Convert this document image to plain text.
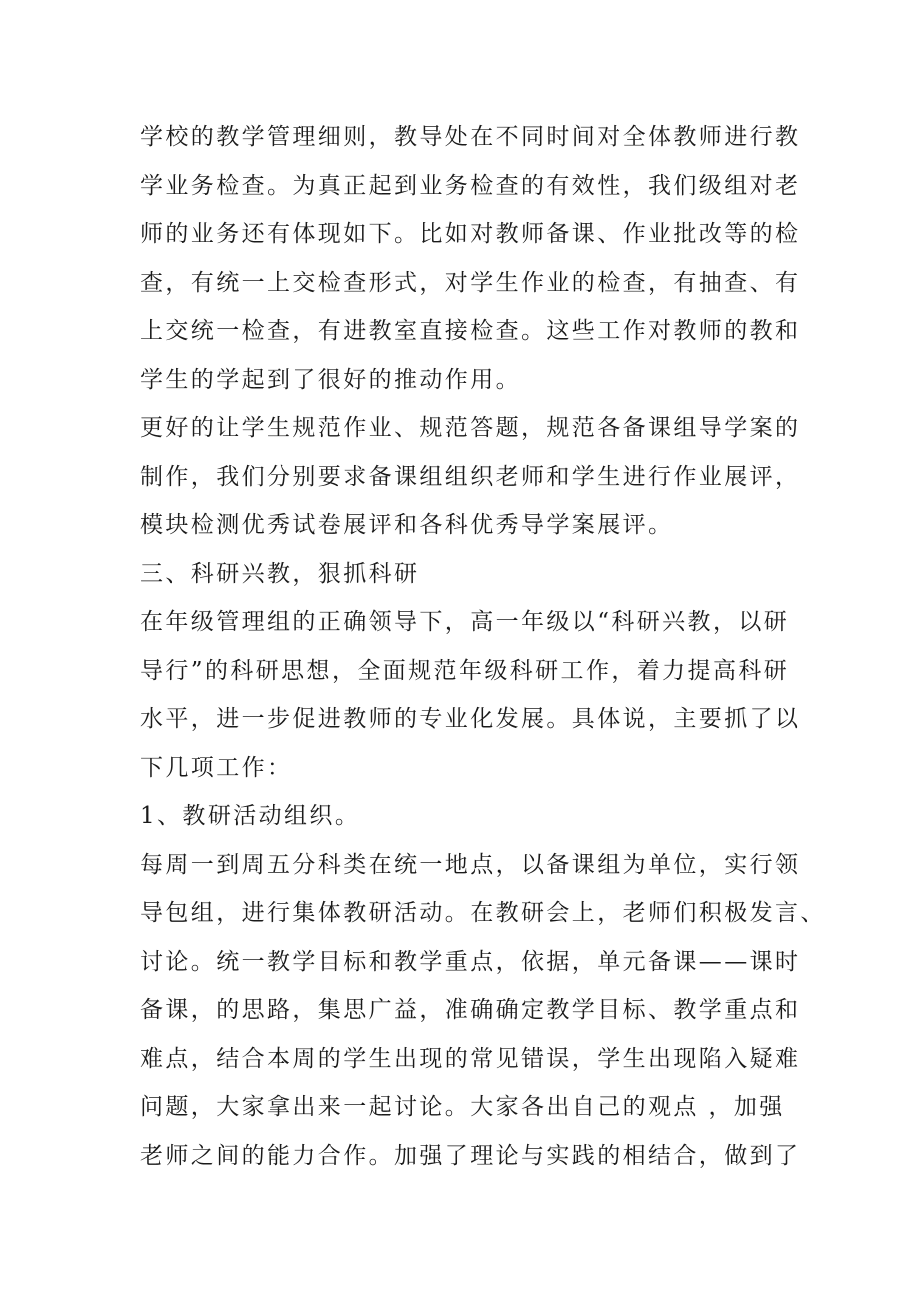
学校的教学管理细则，教导处在不同时间对全体教师进行教
学业务检查。为真正起到业务检查的有效性，我们级组对老
师的业务还有体现如下。比如对教师备课、作业批改等的检
查，有统一上交检查形式，对学生作业的检查，有抽查、有
上交统一检查，有进教室直接检查。这些工作对教师的教和
学生的学起到了很好的推动作用。
更好的让学生规范作业、规范答题，规范各备课组导学案的
制作，我们分别要求备课组组织老师和学生进行作业展评，
模块检测优秀试卷展评和各科优秀导学案展评。
三、科研兴教，狠抓科研
在年级管理组的正确领导下，高一年级以“科研兴教，以研
导行”的科研思想，全面规范年级科研工作，着力提高科研
水平，进一步促进教师的专业化发展。具体说，主要抓了以
下几项工作：
1、教研活动组织。
每周一到周五分科类在统一地点，以备课组为单位，实行领
导包组，进行集体教研活动。在教研会上，老师们积极发言、
讨论。统一教学目标和教学重点，依据，单元备课——课时
备课，的思路，集思广益，准确确定教学目标、教学重点和
难点，结合本周的学生出现的常见错误，学生出现陷入疑难
问题，大家拿出来一起讨论。大家各出自己的观点 ，加强
老师之间的能力合作。加强了理论与实践的相结合，做到了
